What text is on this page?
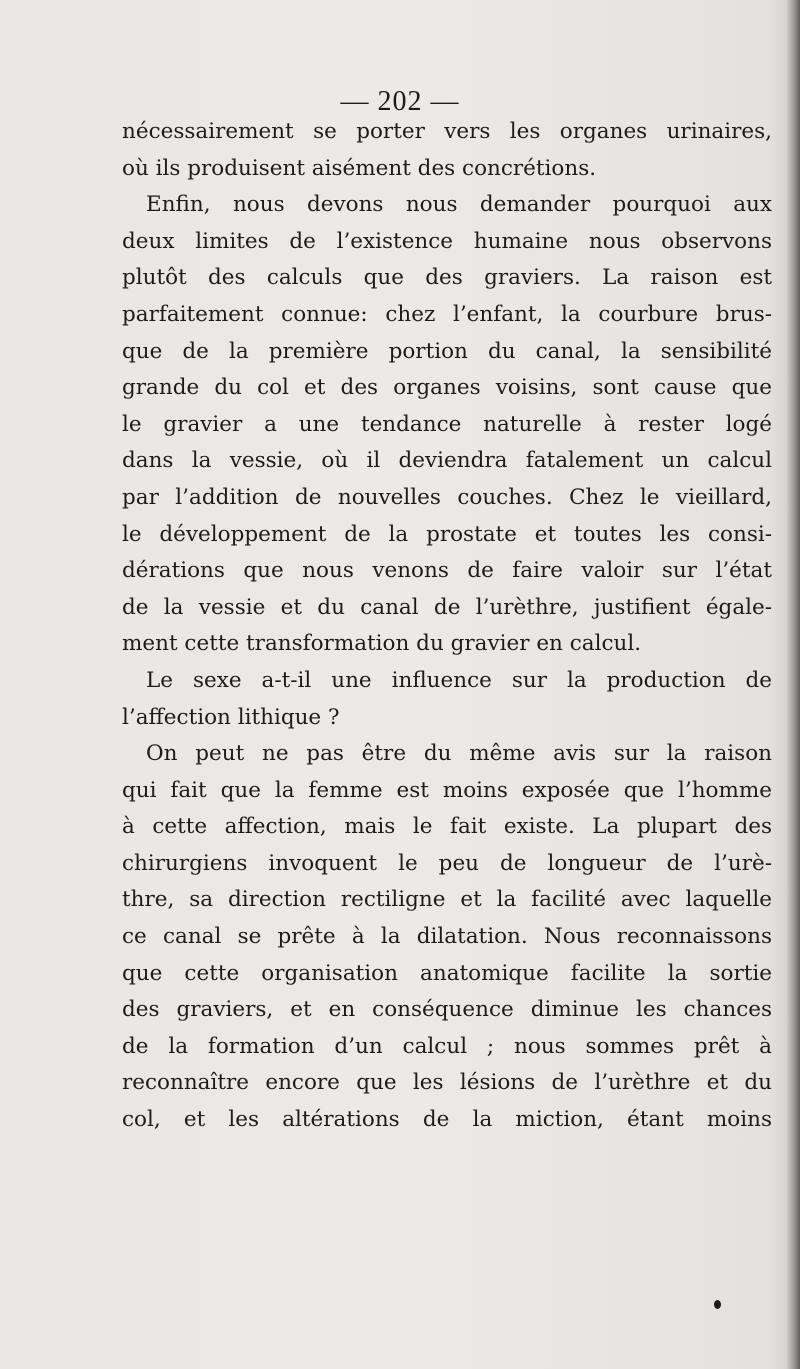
— 202 —
nécessairement se porter vers les organes urinaires,
où ils produisent aisément des concrétions.
Enfin, nous devons nous demander pourquoi aux
deux limites de l’existence humaine nous observons
plutôt des calculs que des graviers. La raison est
parfaitement connue: chez l’enfant, la courbure brus-
que de la première portion du canal, la sensibilité
grande du col et des organes voisins, sont cause que
le gravier a une tendance naturelle à rester logé
dans la vessie, où il deviendra fatalement un calcul
par l’addition de nouvelles couches. Chez le vieillard,
le développement de la prostate et toutes les consi-
dérations que nous venons de faire valoir sur l’état
de la vessie et du canal de l’urèthre, justifient égale-
ment cette transformation du gravier en calcul.
Le sexe a-t-il une influence sur la production de
l’affection lithique ?
On peut ne pas être du même avis sur la raison
qui fait que la femme est moins exposée que l’homme
à cette affection, mais le fait existe. La plupart des
chirurgiens invoquent le peu de longueur de l’urè-
thre, sa direction rectiligne et la facilité avec laquelle
ce canal se prête à la dilatation. Nous reconnaissons
que cette organisation anatomique facilite la sortie
des graviers, et en conséquence diminue les chances
de la formation d’un calcul ; nous sommes prêt à
reconnaître encore que les lésions de l’urèthre et du
col, et les altérations de la miction, étant moins
